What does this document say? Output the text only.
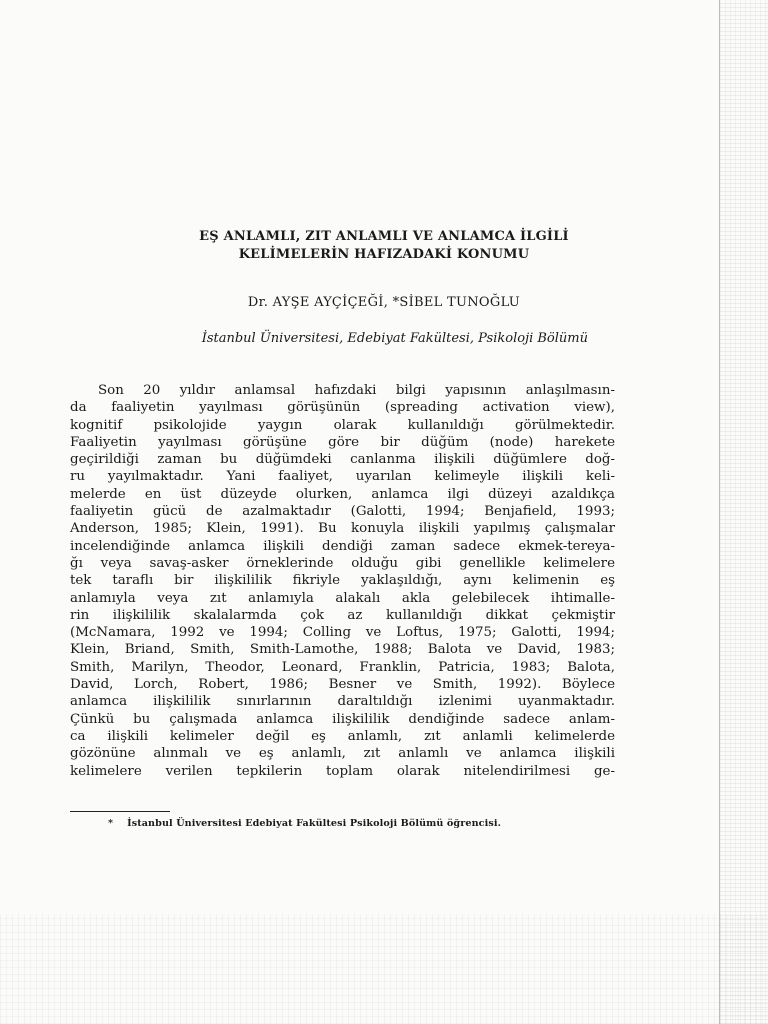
EŞ ANLAMLI, ZIT ANLAMLI VE ANLAMCA İLGİLİ
KELİMELERİN HAFIZADAKİ KONUMU
Dr. AYŞE AYÇİÇEĞİ, *SİBEL TUNOĞLU
İstanbul Üniversitesi, Edebiyat Fakültesi, Psikoloji Bölümü
Son 20 yıldır anlamsal hafızdaki bilgi yapısının anlaşılmasın-
da faaliyetin yayılması görüşünün (spreading activation view),
kognitif psikolojide yaygın olarak kullanıldığı görülmektedir.
Faaliyetin yayılması görüşüne göre bir düğüm (node) harekete
geçirildiği zaman bu düğümdeki canlanma ilişkili düğümlere doğ-
ru yayılmaktadır. Yani faaliyet, uyarılan kelimeyle ilişkili keli-
melerde en üst düzeyde olurken, anlamca ilgi düzeyi azaldıkça
faaliyetin gücü de azalmaktadır (Galotti, 1994; Benjafield, 1993;
Anderson, 1985; Klein, 1991). Bu konuyla ilişkili yapılmış çalışmalar
incelendiğinde anlamca ilişkili dendiği zaman sadece ekmek-tereya-
ğı veya savaş-asker örneklerinde olduğu gibi genellikle kelimelere
tek taraflı bir ilişkililik fikriyle yaklaşıldığı, aynı kelimenin eş
anlamıyla veya zıt anlamıyla alakalı akla gelebilecek ihtimalle-
rin ilişkililik skalalarmda çok az kullanıldığı dikkat çekmiştir
(McNamara, 1992 ve 1994; Colling ve Loftus, 1975; Galotti, 1994;
Klein, Briand, Smith, Smith-Lamothe, 1988; Balota ve David, 1983;
Smith, Marilyn, Theodor, Leonard, Franklin, Patricia, 1983; Balota,
David, Lorch, Robert, 1986; Besner ve Smith, 1992). Böylece
anlamca ilişkililik sınırlarının daraltıldığı izlenimi uyanmaktadır.
Çünkü bu çalışmada anlamca ilişkililik dendiğinde sadece anlam-
ca ilişkili kelimeler değil eş anlamlı, zıt anlamli kelimelerde
gözönüne alınmalı ve eş anlamlı, zıt anlamlı ve anlamca ilişkili
kelimelere verilen tepkilerin toplam olarak nitelendirilmesi ge-
* İstanbul Üniversitesi Edebiyat Fakültesi Psikoloji Bölümü öğrencisi.
